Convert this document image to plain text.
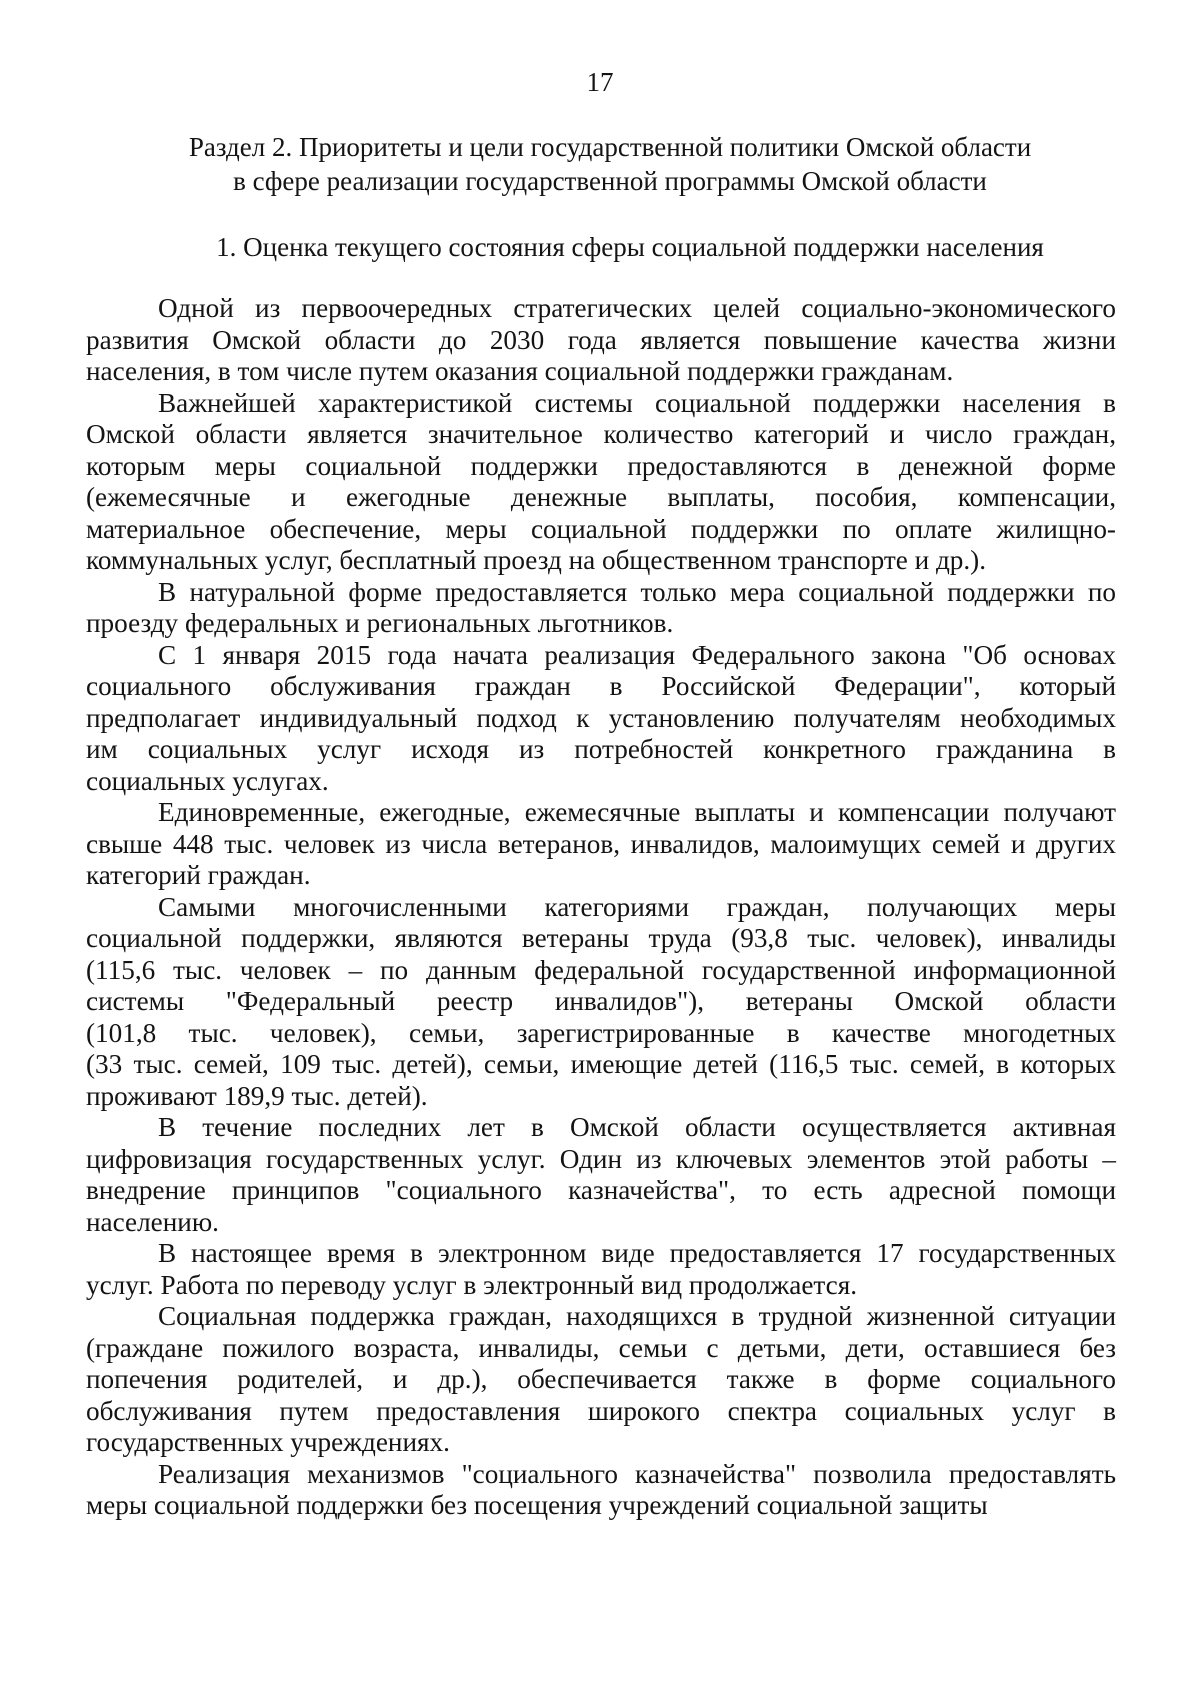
17
Раздел 2. Приоритеты и цели государственной политики Омской области
в сфере реализации государственной программы Омской области
1. Оценка текущего состояния сферы социальной поддержки населения
Одной из первоочередных стратегических целей социально-экономического
развития Омской области до 2030 года является повышение качества жизни
населения, в том числе путем оказания социальной поддержки гражданам.
Важнейшей характеристикой системы социальной поддержки населения в
Омской области является значительное количество категорий и число граждан,
которым меры социальной поддержки предоставляются в денежной форме
(ежемесячные и ежегодные денежные выплаты, пособия, компенсации,
материальное обеспечение, меры социальной поддержки по оплате жилищно-
коммунальных услуг, бесплатный проезд на общественном транспорте и др.).
В натуральной форме предоставляется только мера социальной поддержки по
проезду федеральных и региональных льготников.
С 1 января 2015 года начата реализация Федерального закона "Об основах
социального обслуживания граждан в Российской Федерации", который
предполагает индивидуальный подход к установлению получателям необходимых
им социальных услуг исходя из потребностей конкретного гражданина в
социальных услугах.
Единовременные, ежегодные, ежемесячные выплаты и компенсации получают
свыше 448 тыс. человек из числа ветеранов, инвалидов, малоимущих семей и других
категорий граждан.
Самыми многочисленными категориями граждан, получающих меры
социальной поддержки, являются ветераны труда (93,8 тыс. человек), инвалиды
(115,6 тыс. человек – по данным федеральной государственной информационной
системы "Федеральный реестр инвалидов"), ветераны Омской области
(101,8 тыс. человек), семьи, зарегистрированные в качестве многодетных
(33 тыс. семей, 109 тыс. детей), семьи, имеющие детей (116,5 тыс. семей, в которых
проживают 189,9 тыс. детей).
В течение последних лет в Омской области осуществляется активная
цифровизация государственных услуг. Один из ключевых элементов этой работы –
внедрение принципов "социального казначейства", то есть адресной помощи
населению.
В настоящее время в электронном виде предоставляется 17 государственных
услуг. Работа по переводу услуг в электронный вид продолжается.
Социальная поддержка граждан, находящихся в трудной жизненной ситуации
(граждане пожилого возраста, инвалиды, семьи с детьми, дети, оставшиеся без
попечения родителей, и др.), обеспечивается также в форме социального
обслуживания путем предоставления широкого спектра социальных услуг в
государственных учреждениях.
Реализация механизмов "социального казначейства" позволила предоставлять
меры социальной поддержки без посещения учреждений социальной защиты
